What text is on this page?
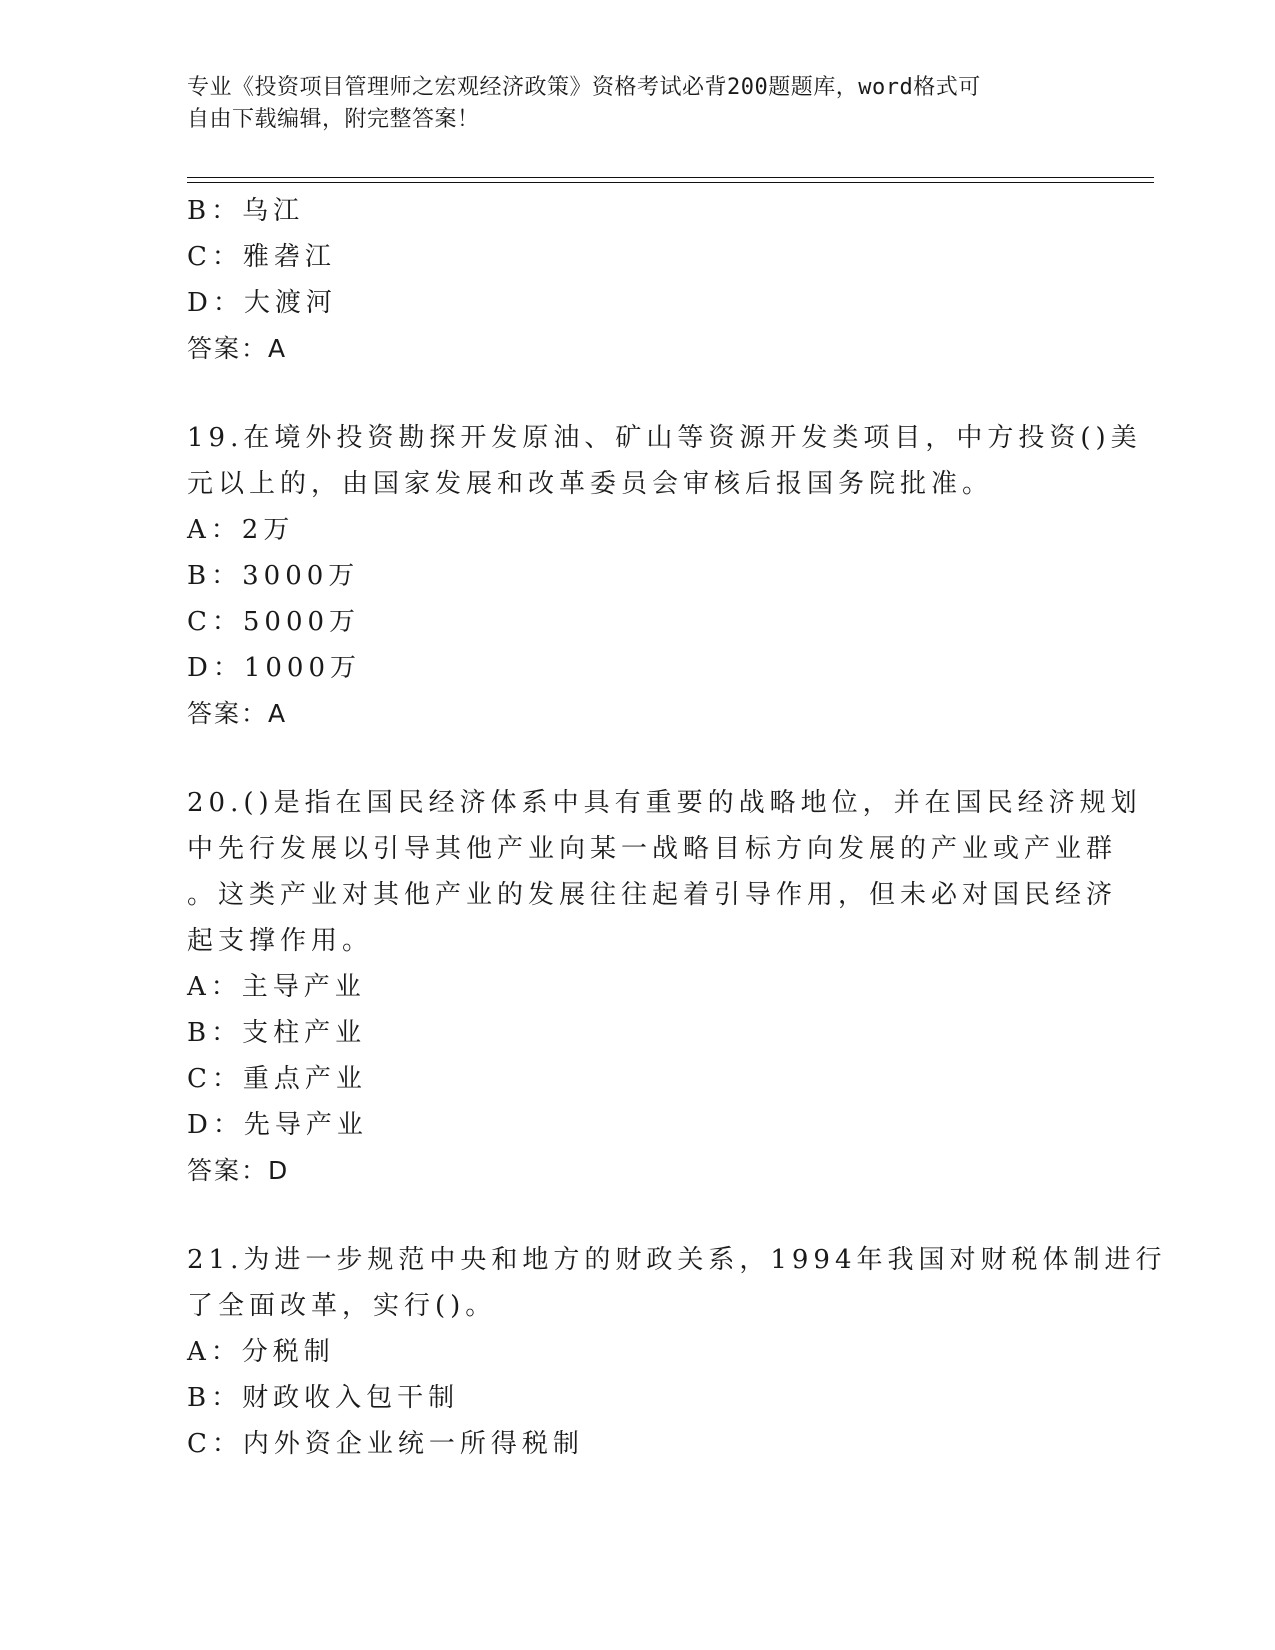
专业《投资项目管理师之宏观经济政策》资格考试必背200题题库，word格式可
自由下载编辑，附完整答案！
B：乌江
C：雅砻江
D：大渡河
答案：A
19.在境外投资勘探开发原油、矿山等资源开发类项目，中方投资()美
元以上的，由国家发展和改革委员会审核后报国务院批准。
A：2万
B：3000万
C：5000万
D：1000万
答案：A
20.()是指在国民经济体系中具有重要的战略地位，并在国民经济规划
中先行发展以引导其他产业向某一战略目标方向发展的产业或产业群
。这类产业对其他产业的发展往往起着引导作用，但未必对国民经济
起支撑作用。
A：主导产业
B：支柱产业
C：重点产业
D：先导产业
答案：D
21.为进一步规范中央和地方的财政关系，1994年我国对财税体制进行
了全面改革，实行()。
A：分税制
B：财政收入包干制
C：内外资企业统一所得税制
